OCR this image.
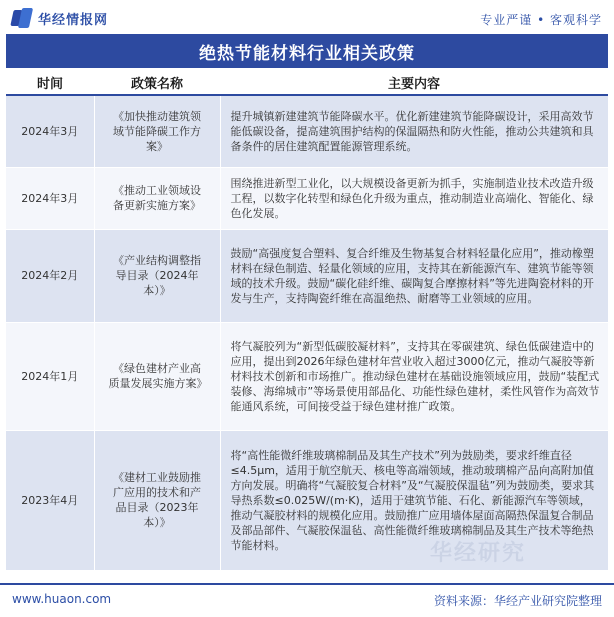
华经情报网	专业严谨 • 客观科学
绝热节能材料行业相关政策
时间	政策名称	主要内容
2024年3月	《加快推动建筑领域节能降碳工作方案》	提升城镇新建建筑节能降碳水平。优化新建建筑节能降碳设计，采用高效节能低碳设备，提高建筑围护结构的保温隔热和防火性能，推动公共建筑和具备条件的居住建筑配置能源管理系统。
2024年3月	《推动工业领域设备更新实施方案》	围绕推进新型工业化，以大规模设备更新为抓手，实施制造业技术改造升级工程，以数字化转型和绿色化升级为重点，推动制造业高端化、智能化、绿色化发展。
2024年2月	《产业结构调整指导目录（2024年本）》	鼓励“高强度复合塑料、复合纤维及生物基复合材料轻量化应用”，推动橡塑材料在绿色制造、轻量化领域的应用，支持其在新能源汽车、建筑节能等领域的技术升级。鼓励“碳化硅纤维、碳陶复合摩擦材料”等先进陶瓷材料的开发与生产，支持陶瓷纤维在高温绝热、耐磨等工业领域的应用。
2024年1月	《绿色建材产业高质量发展实施方案》	将气凝胶列为“新型低碳胶凝材料”，支持其在零碳建筑、绿色低碳建造中的应用，提出到2026年绿色建材年营业收入超过3000亿元，推动气凝胶等新材料技术创新和市场推广。推动绿色建材在基础设施领域应用，鼓励“装配式装修、海绵城市”等场景使用部品化、功能性绿色建材，柔性风管作为高效节能通风系统，可间接受益于绿色建材推广政策。
2023年4月	《建材工业鼓励推广应用的技术和产品目录（2023年本）》	将“高性能微纤维玻璃棉制品及其生产技术”列为鼓励类，要求纤维直径≤4.5μm，适用于航空航天、核电等高端领域，推动玻璃棉产品向高附加值方向发展。明确将“气凝胶复合材料”及“气凝胶保温毡”列为鼓励类，要求其导热系数≤0.025W/(m·K)，适用于建筑节能、石化、新能源汽车等领域，推动气凝胶材料的规模化应用。鼓励推广应用墙体屋面高隔热保温复合制品及部品部件、气凝胶保温毡、高性能微纤维玻璃棉制品及其生产技术等绝热节能材料。
www.huaon.com	资料来源：华经产业研究院整理
